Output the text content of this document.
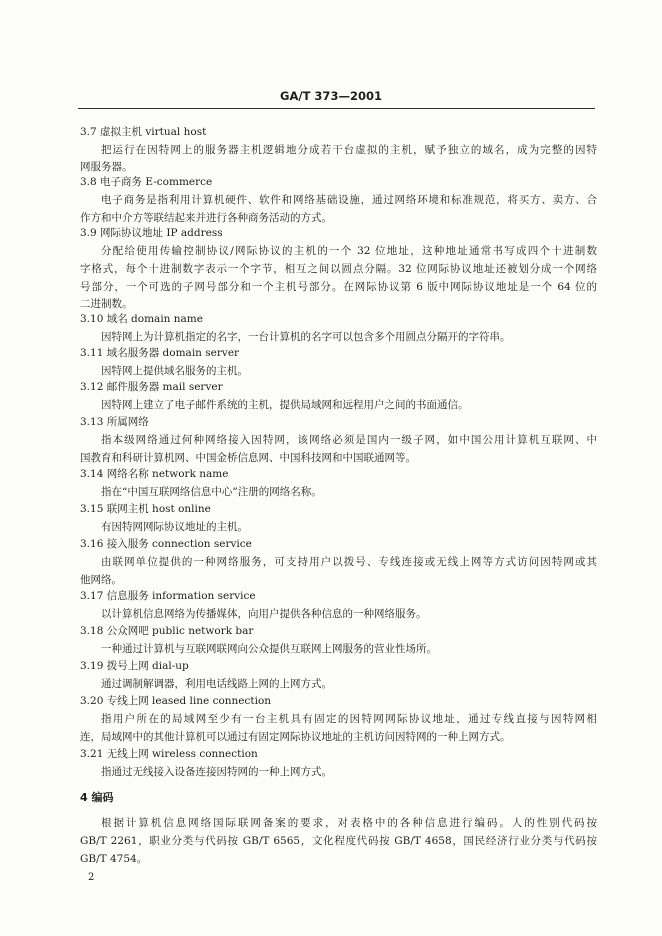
GA/T 373—2001
3.7 虚拟主机 virtual host
把运行在因特网上的服务器主机逻辑地分成若干台虚拟的主机，赋予独立的域名，成为完整的因特
网服务器。
3.8 电子商务 E-commerce
电子商务是指利用计算机硬件、软件和网络基础设施，通过网络环境和标准规范，将买方、卖方、合
作方和中介方等联结起来并进行各种商务活动的方式。
3.9 网际协议地址 IP address
分配给使用传输控制协议/网际协议的主机的一个 32 位地址，这种地址通常书写成四个十进制数
字格式，每个十进制数字表示一个字节，相互之间以圆点分隔。32 位网际协议地址还被划分成一个网络
号部分，一个可选的子网号部分和一个主机号部分。在网际协议第 6 版中网际协议地址是一个 64 位的
二进制数。
3.10 域名 domain name
因特网上为计算机指定的名字，一台计算机的名字可以包含多个用圆点分隔开的字符串。
3.11 域名服务器 domain server
因特网上提供域名服务的主机。
3.12 邮件服务器 mail server
因特网上建立了电子邮件系统的主机，提供局域网和远程用户之间的书面通信。
3.13 所属网络
指本级网络通过何种网络接入因特网，该网络必须是国内一级子网，如中国公用计算机互联网、中
国教育和科研计算机网、中国金桥信息网、中国科技网和中国联通网等。
3.14 网络名称 network name
指在“中国互联网络信息中心”注册的网络名称。
3.15 联网主机 host online
有因特网网际协议地址的主机。
3.16 接入服务 connection service
由联网单位提供的一种网络服务，可支持用户以拨号、专线连接或无线上网等方式访问因特网或其
他网络。
3.17 信息服务 information service
以计算机信息网络为传播媒体，向用户提供各种信息的一种网络服务。
3.18 公众网吧 public network bar
一种通过计算机与互联网联网向公众提供互联网上网服务的营业性场所。
3.19 拨号上网 dial-up
通过调制解调器，利用电话线路上网的上网方式。
3.20 专线上网 leased line connection
指用户所在的局域网至少有一台主机具有固定的因特网网际协议地址，通过专线直接与因特网相
连，局域网中的其他计算机可以通过有固定网际协议地址的主机访问因特网的一种上网方式。
3.21 无线上网 wireless connection
指通过无线接入设备连接因特网的一种上网方式。
4 编码
根据计算机信息网络国际联网备案的要求，对表格中的各种信息进行编码。人的性别代码按
GB/T 2261，职业分类与代码按 GB/T 6565，文化程度代码按 GB/T 4658，国民经济行业分类与代码按
GB/T 4754。
2
